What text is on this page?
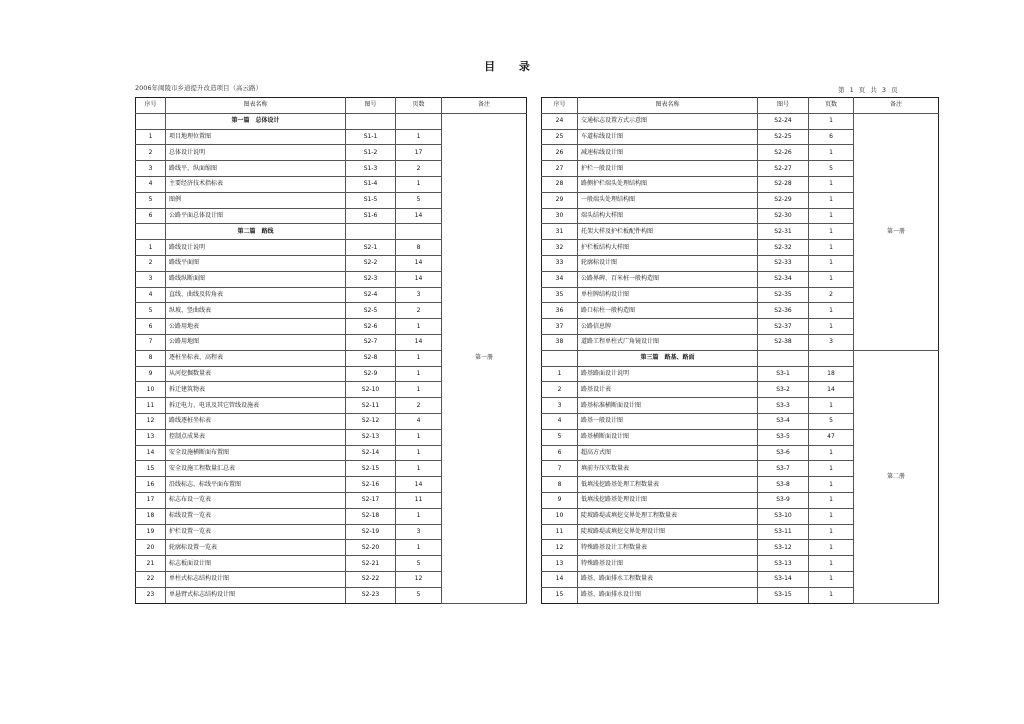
目 录
2006年闽陵市乡道提升改造项目（高云路）	第 1 页 共 3 页
序号	图表名称	图号	页数	备注
	第一篇　总体设计			第一册
1	项目地理位置图	S1-1	1	
2	总体设计说明	S1-2	17	
3	路线平、纵面缩图	S1-3	2	
4	主要经济技术指标表	S1-4	1	
5	图例	S1-5	5	
6	公路平面总体设计图	S1-6	14	
	第二篇　路线			
1	路线设计说明	S2-1	8	
2	路线平面图	S2-2	14	
3	路线纵断面图	S2-3	14	
4	直线、曲线及转角表	S2-4	3	
5	纵坡、竖曲线表	S2-5	2	
6	公路用地表	S2-6	1	
7	公路用地图	S2-7	14	
8	逐桩坐标表、高程表	S2-8	1	
9	从河挖掘数量表	S2-9	1	
10	拆迁建筑物表	S2-10	1	
11	拆迁电力、电讯及其它管线设施表	S2-11	2	
12	路线逐桩坐标表	S2-12	4	
13	控制点成果表	S2-13	1	
14	安全设施横断面布置图	S2-14	1	
15	安全设施工程数量汇总表	S2-15	1	
16	沿线标志、标线平面布置图	S2-16	14	
17	标志布设一览表	S2-17	11	
18	标线设置一览表	S2-18	1	
19	护栏设置一览表	S2-19	3	
20	轮廓标设置一览表	S2-20	1	
21	标志板面设计图	S2-21	5	
22	单柱式标志结构设计图	S2-22	12	
23	单悬臂式标志结构设计图	S2-23	5	
序号	图表名称	图号	页数	备注
24	交通标志设置方式示意图	S2-24	1	第一册
25	车道标线设计图	S2-25	6	
26	减速标线设计图	S2-26	1	
27	护栏一般设计图	S2-27	5	
28	路侧护栏端头处理结构图	S2-28	1	
29	一般端头处理结构图	S2-29	1	
30	端头结构大样图	S2-30	1	
31	托架大样及护栏板配件构图	S2-31	1	
32	护栏板结构大样图	S2-32	1	
33	轮廓标设计图	S2-33	1	
34	公路界碑、百米桩一般构造图	S2-34	1	
35	单柱牌结构设计图	S2-35	2	
36	路口标柱一般构造图	S2-36	1	
37	公路信息牌	S2-37	1	
38	道路工程单柱式广角镜设计图	S2-38	3	
	第三篇　路基、路面			第二册
1	路基路面设计说明	S3-1	18	
2	路基设计表	S3-2	14	
3	路基标准横断面设计图	S3-3	1	
4	路基一般设计图	S3-4	5	
5	路基横断面设计图	S3-5	47	
6	超高方式图	S3-6	1	
7	填前夯压实数量表	S3-7	1	
8	低填浅挖路基处理工程数量表	S3-8	1	
9	低填浅挖路基处理设计图	S3-9	1	
10	陡坡路堤或填挖交界处理工程数量表	S3-10	1	
11	陡坡路堤或填挖交界处理设计图	S3-11	1	
12	特殊路基设计工程数量表	S3-12	1	
13	特殊路基设计图	S3-13	1	
14	路基、路面排水工程数量表	S3-14	1	
15	路基、路面排水设计图	S3-15	1	
